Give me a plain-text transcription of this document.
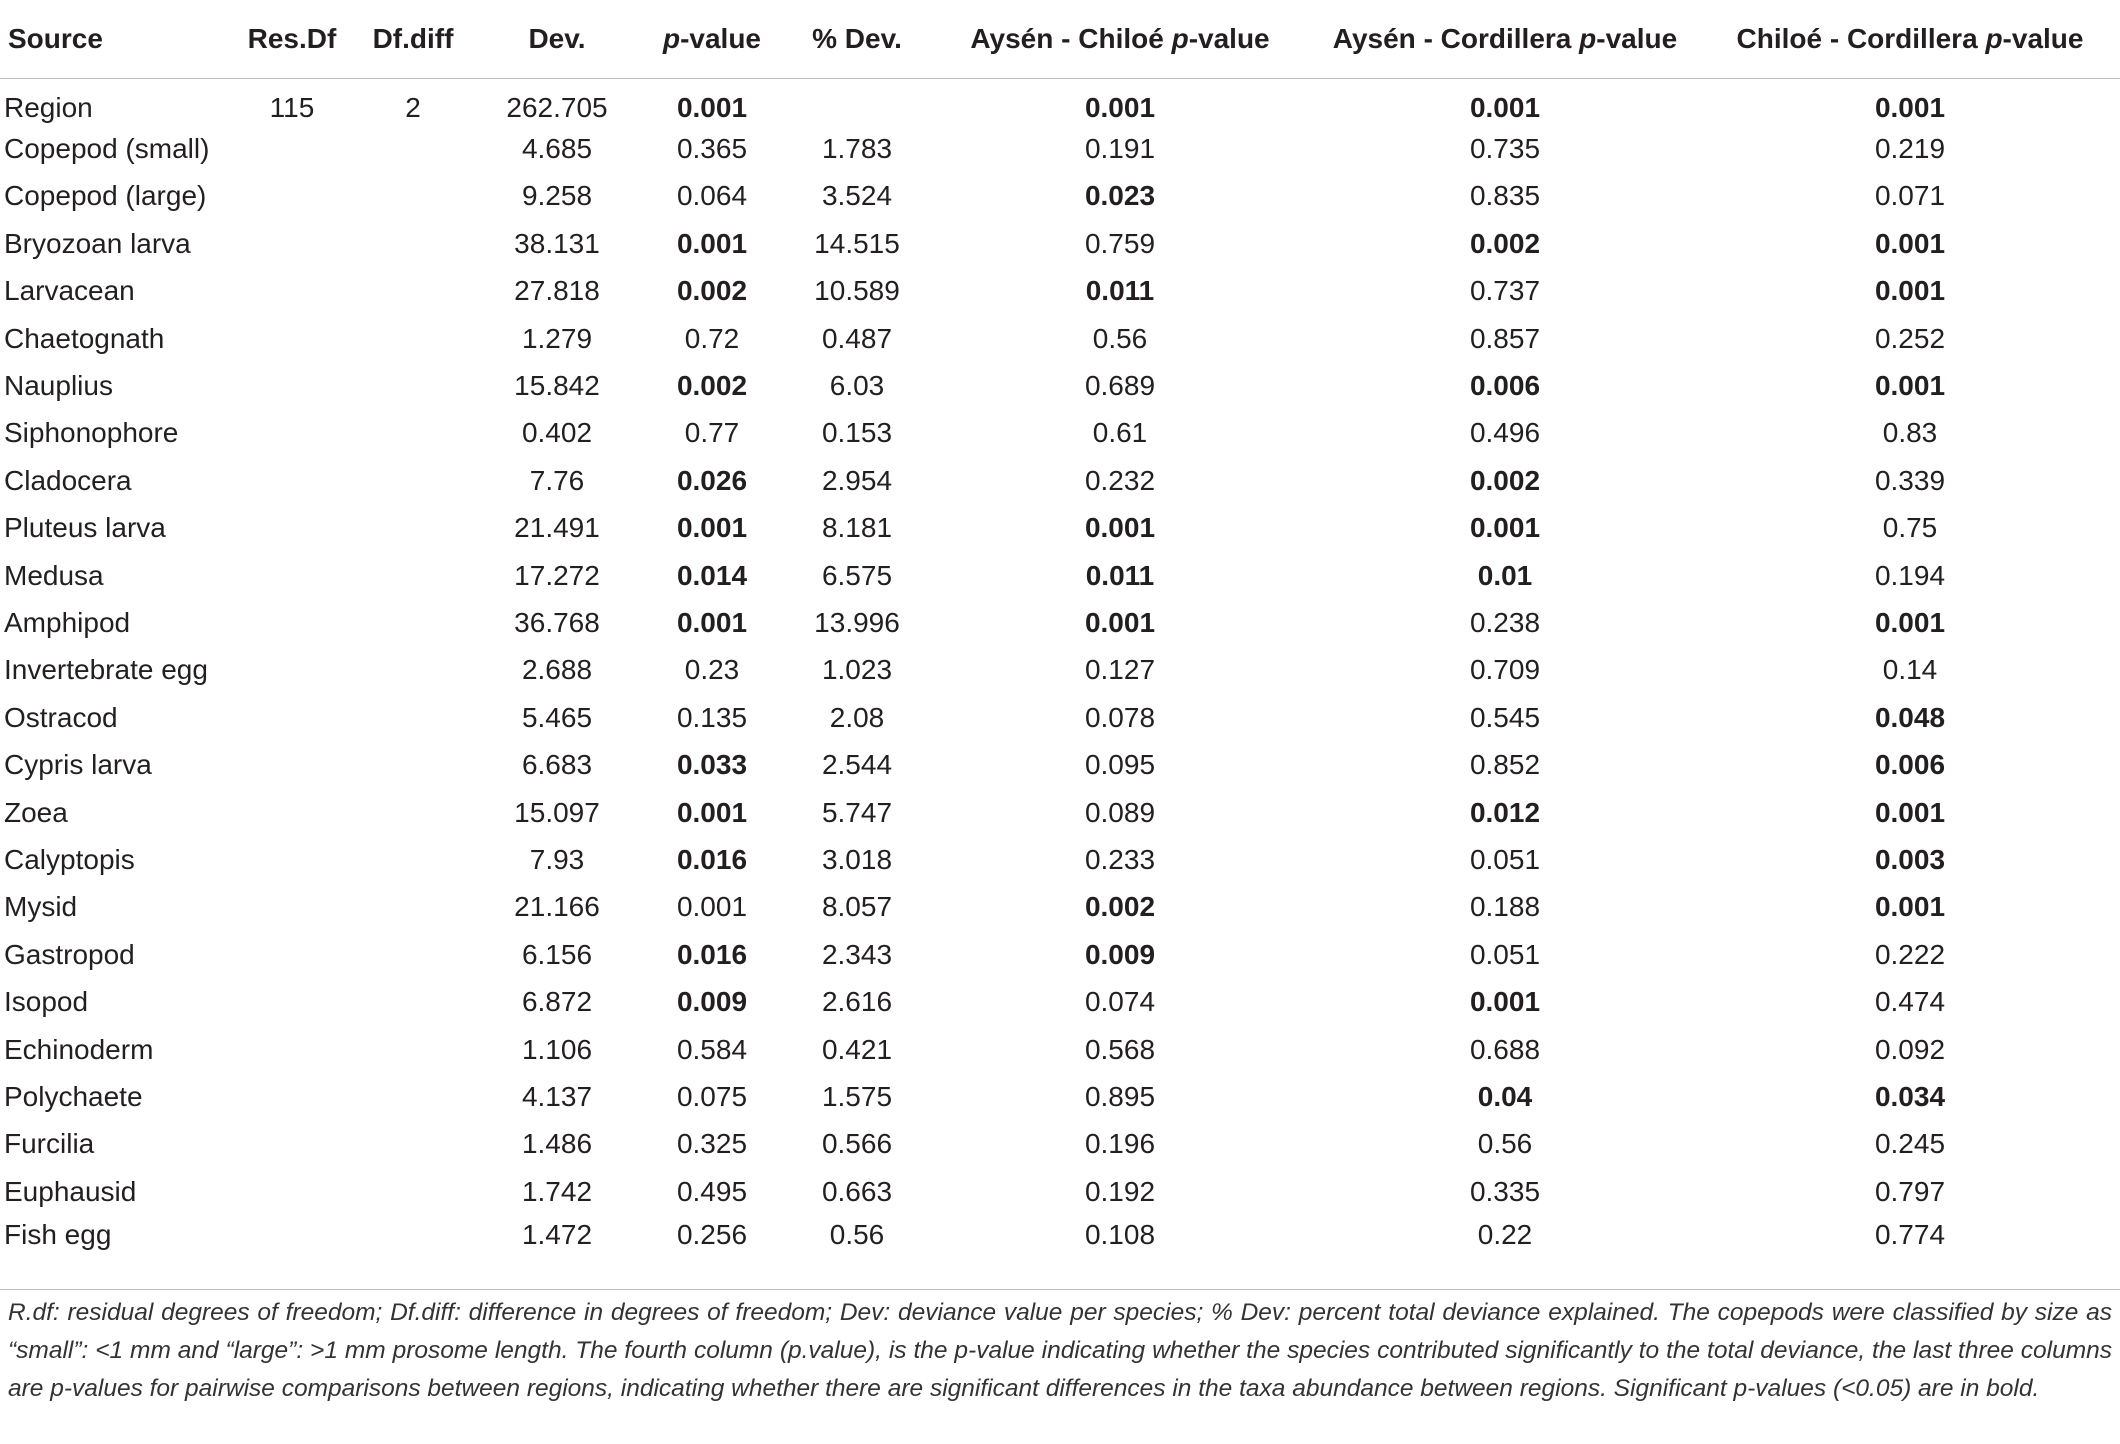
Source	Res.Df	Df.diff	Dev.	p-value	% Dev.	Aysén - Chiloé p-value	Aysén - Cordillera p-value	Chiloé - Cordillera p-value
Region	115	2	262.705	0.001		0.001	0.001	0.001
Copepod (small)			4.685	0.365	1.783	0.191	0.735	0.219
Copepod (large)			9.258	0.064	3.524	0.023	0.835	0.071
Bryozoan larva			38.131	0.001	14.515	0.759	0.002	0.001
Larvacean			27.818	0.002	10.589	0.011	0.737	0.001
Chaetognath			1.279	0.72	0.487	0.56	0.857	0.252
Nauplius			15.842	0.002	6.03	0.689	0.006	0.001
Siphonophore			0.402	0.77	0.153	0.61	0.496	0.83
Cladocera			7.76	0.026	2.954	0.232	0.002	0.339
Pluteus larva			21.491	0.001	8.181	0.001	0.001	0.75
Medusa			17.272	0.014	6.575	0.011	0.01	0.194
Amphipod			36.768	0.001	13.996	0.001	0.238	0.001
Invertebrate egg			2.688	0.23	1.023	0.127	0.709	0.14
Ostracod			5.465	0.135	2.08	0.078	0.545	0.048
Cypris larva			6.683	0.033	2.544	0.095	0.852	0.006
Zoea			15.097	0.001	5.747	0.089	0.012	0.001
Calyptopis			7.93	0.016	3.018	0.233	0.051	0.003
Mysid			21.166	0.001	8.057	0.002	0.188	0.001
Gastropod			6.156	0.016	2.343	0.009	0.051	0.222
Isopod			6.872	0.009	2.616	0.074	0.001	0.474
Echinoderm			1.106	0.584	0.421	0.568	0.688	0.092
Polychaete			4.137	0.075	1.575	0.895	0.04	0.034
Furcilia			1.486	0.325	0.566	0.196	0.56	0.245
Euphausid			1.742	0.495	0.663	0.192	0.335	0.797
Fish egg			1.472	0.256	0.56	0.108	0.22	0.774
R.df: residual degrees of freedom; Df.diff: difference in degrees of freedom; Dev: deviance value per species; % Dev: percent total deviance explained. The copepods were classified by size as “small”: <1 mm and “large”: >1 mm prosome length. The fourth column (p.value), is the p-value indicating whether the species contributed significantly to the total deviance, the last three columns are p-values for pairwise comparisons between regions, indicating whether there are significant differences in the taxa abundance between regions. Significant p-values (<0.05) are in bold.
